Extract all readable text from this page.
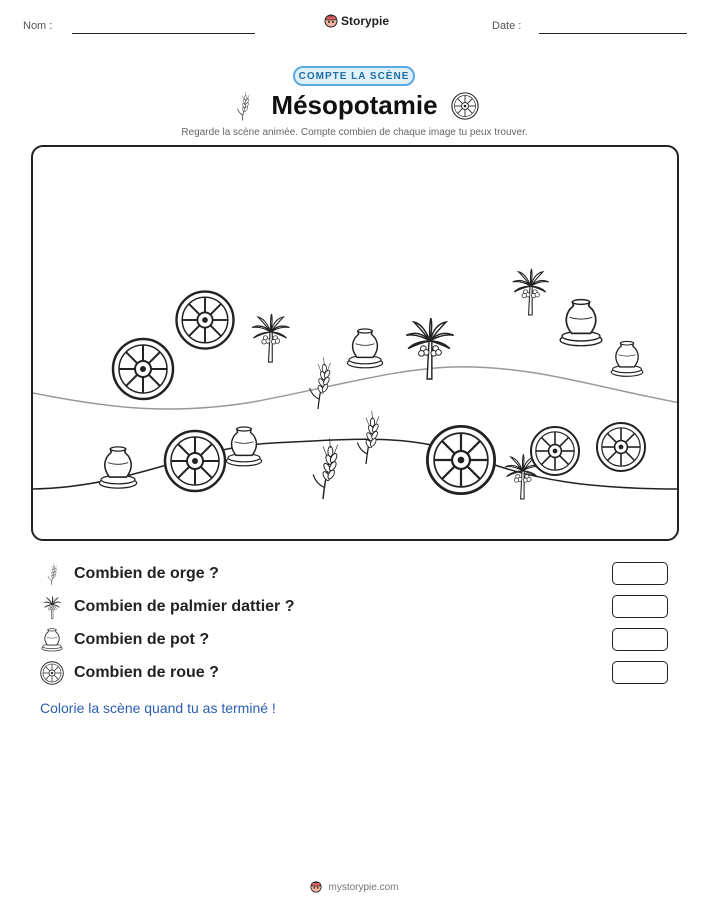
Nom :	Storypie	Date :
COMPTE LA SCÈNE
Mésopotamie
Regarde la scène animée. Compte combien de chaque image tu peux trouver.
Combien de orge ?
Combien de palmier dattier ?
Combien de pot ?
Combien de roue ?
Colorie la scène quand tu as terminé !
mystorypie.com
